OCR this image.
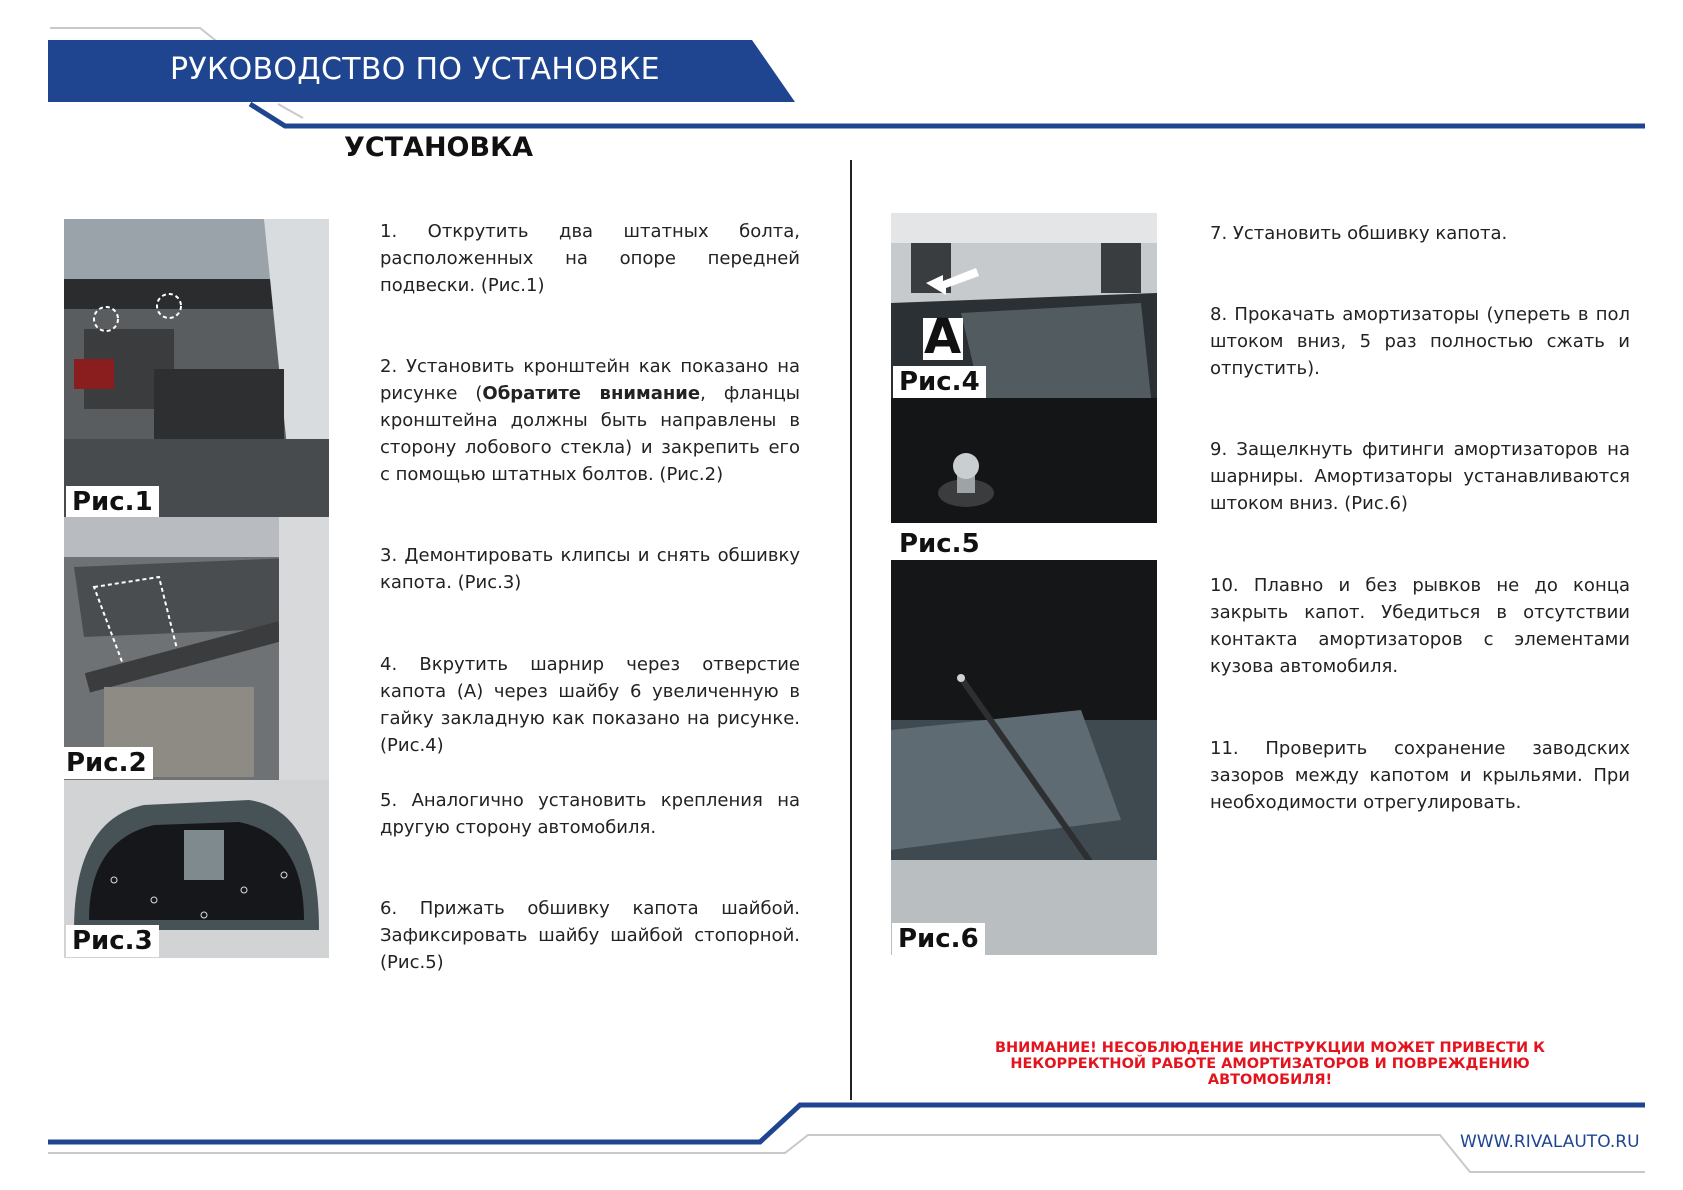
РУКОВОДСТВО ПО УСТАНОВКЕ
УСТАНОВКА
Рис.1
Рис.2
Рис.3
А
Рис.4
Рис.5
Рис.6
1. Открутить два штатных болта, расположенных на опоре передней подвески. (Рис.1)
2. Установить кронштейн как показано на рисунке (Обратите внимание, фланцы кронштейна должны быть направлены в сторону лобового стекла) и закрепить его с помощью штатных болтов. (Рис.2)
3. Демонтировать клипсы и снять обшивку капота. (Рис.3)
4. Вкрутить шарнир через отверстие капота (А) через шайбу 6 увеличенную в гайку закладную как показано на рисунке. (Рис.4)
5. Аналогично установить крепления на другую сторону автомобиля.
6. Прижать обшивку капота шайбой. Зафиксировать шайбу шайбой стопорной. (Рис.5)
7. Установить обшивку капота.
8. Прокачать амортизаторы (упереть в пол штоком вниз, 5 раз полностью сжать и отпустить).
9. Защелкнуть фитинги амортизаторов на шарниры. Амортизаторы устанавливаются штоком вниз. (Рис.6)
10. Плавно и без рывков не до конца закрыть капот. Убедиться в отсутствии контакта амортизаторов с элементами кузова автомобиля.
11. Проверить сохранение заводских зазоров между капотом и крыльями. При необходимости отрегулировать.
ВНИМАНИЕ! НЕСОБЛЮДЕНИЕ ИНСТРУКЦИИ МОЖЕТ ПРИВЕСТИ К
НЕКОРРЕКТНОЙ РАБОТЕ АМОРТИЗАТОРОВ И ПОВРЕЖДЕНИЮ
АВТОМОБИЛЯ!
WWW.RIVALAUTO.RU
